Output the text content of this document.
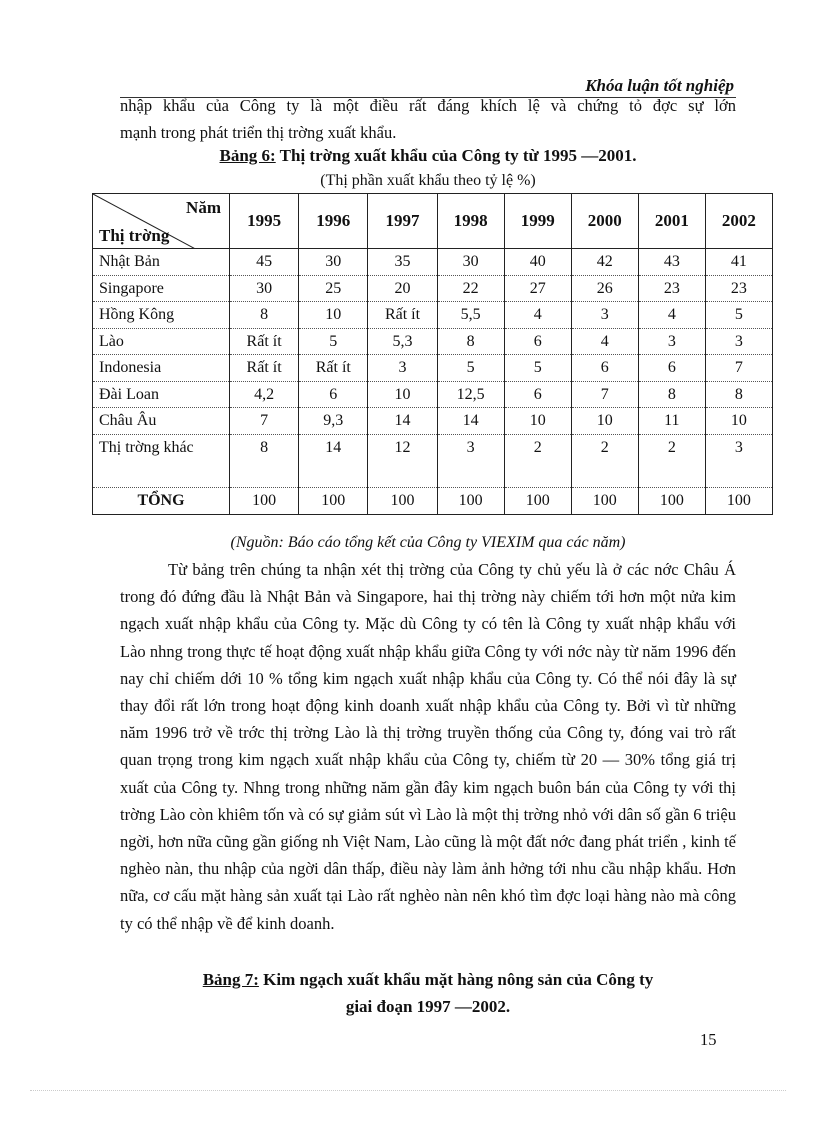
Khóa luận tốt nghiệp

nhập khẩu của Công ty là một điều rất đáng khích lệ và chứng tỏ đợc sự lớn

mạnh trong phát triển thị trờng xuất khẩu.

Bảng 6: Thị trờng xuất khẩu của Công ty từ 1995 —2001.
(Thị phần xuất khẩu theo tỷ lệ %)
Năm
Thị trờng	1995	1996	1997	1998	1999	2000	2001	2002
Nhật Bản	45	30	35	30	40	42	43	41
Singapore	30	25	20	22	27	26	23	23
Hồng Kông	8	10	Rất ít	5,5	4	3	4	5
Lào	Rất ít	5	5,3	8	6	4	3	3
Indonesia	Rất ít	Rất ít	3	5	5	6	6	7
Đài Loan	4,2	6	10	12,5	6	7	8	8
Châu Âu	7	9,3	14	14	10	10	11	10
Thị trờng khác	8	14	12	3	2	2	2	3
TỔNG	100	100	100	100	100	100	100	100
(Nguồn: Báo cáo tổng kết của Công ty VIEXIM qua các năm)

Từ bảng trên chúng ta nhận xét thị trờng của Công ty chủ yếu là ở các nớc Châu Á trong đó đứng đầu là Nhật Bản và Singapore, hai thị trờng này chiếm tới hơn một nửa kim ngạch xuất nhập khẩu của Công ty. Mặc dù Công ty có tên là Công ty xuất nhập khẩu với Lào nhng trong thực tế hoạt động xuất nhập khẩu giữa Công ty với nớc này từ năm 1996 đến nay chỉ chiếm dới 10 % tổng kim ngạch xuất nhập khẩu của Công ty. Có thể nói đây là sự thay đổi rất lớn trong hoạt động kinh doanh xuất nhập khẩu của Công ty. Bởi vì từ những năm 1996 trở về trớc thị trờng Lào là thị trờng truyền thống của Công ty, đóng vai trò rất quan trọng trong kim ngạch xuất nhập khẩu của Công ty, chiếm từ 20 — 30% tổng giá trị xuất của Công ty. Nhng trong những năm gần đây kim ngạch buôn bán của Công ty với thị trờng Lào còn khiêm tốn và có sự giảm sút vì Lào là một thị trờng nhỏ với dân số gần 6 triệu ngời, hơn nữa cũng gần giống nh Việt Nam, Lào cũng là một đất nớc đang phát triển , kinh tế nghèo nàn, thu nhập của ngời dân thấp, điều này làm ảnh hởng tới nhu cầu nhập khẩu. Hơn nữa, cơ cấu mặt hàng sản xuất tại Lào rất nghèo nàn nên khó tìm đợc loại hàng nào mà công ty có thể nhập về để kinh doanh.

Bảng 7: Kim ngạch xuất khẩu mặt hàng nông sản của Công ty
giai đoạn 1997 —2002.
15
